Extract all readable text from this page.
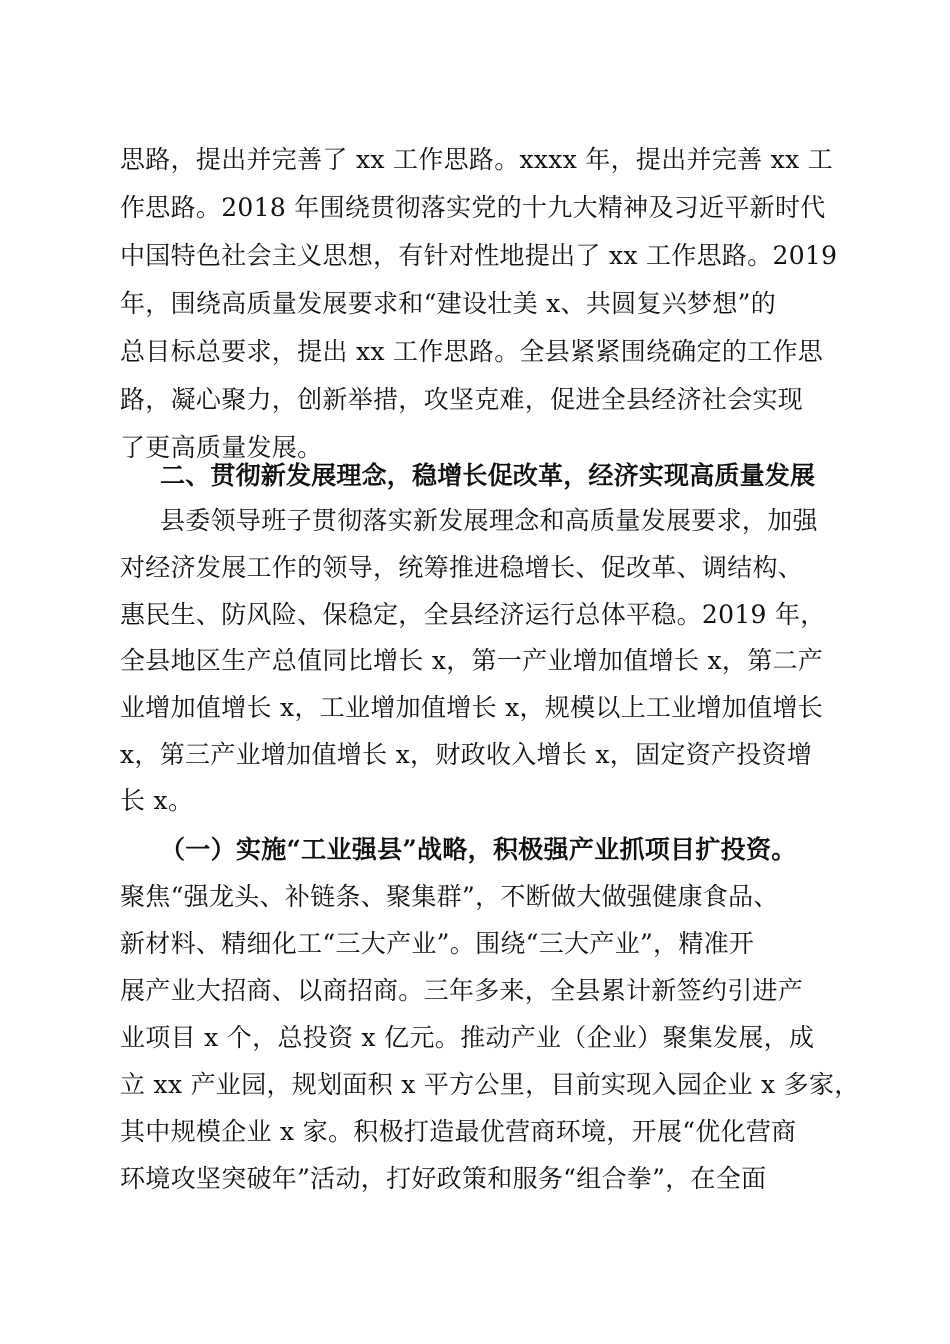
思路，提出并完善了 xx 工作思路。xxxx 年，提出并完善 xx 工
作思路。2018 年围绕贯彻落实党的十九大精神及习近平新时代
中国特色社会主义思想，有针对性地提出了 xx 工作思路。2019
年，围绕高质量发展要求和“建设壮美 x、共圆复兴梦想”的
总目标总要求，提出 xx 工作思路。全县紧紧围绕确定的工作思
路，凝心聚力，创新举措，攻坚克难，促进全县经济社会实现
了更高质量发展。
二、贯彻新发展理念，稳增长促改革，经济实现高质量发展
县委领导班子贯彻落实新发展理念和高质量发展要求，加强
对经济发展工作的领导，统筹推进稳增长、促改革、调结构、
惠民生、防风险、保稳定，全县经济运行总体平稳。2019 年，
全县地区生产总值同比增长 x，第一产业增加值增长 x，第二产
业增加值增长 x，工业增加值增长 x，规模以上工业增加值增长
x，第三产业增加值增长 x，财政收入增长 x，固定资产投资增
长 x。
（一）实施“工业强县”战略，积极强产业抓项目扩投资。
聚焦“强龙头、补链条、聚集群”，不断做大做强健康食品、
新材料、精细化工“三大产业”。围绕“三大产业”，精准开
展产业大招商、以商招商。三年多来，全县累计新签约引进产
业项目 x 个，总投资 x 亿元。推动产业（企业）聚集发展，成
立 xx 产业园，规划面积 x 平方公里，目前实现入园企业 x 多家，
其中规模企业 x 家。积极打造最优营商环境，开展“优化营商
环境攻坚突破年”活动，打好政策和服务“组合拳”，在全面
